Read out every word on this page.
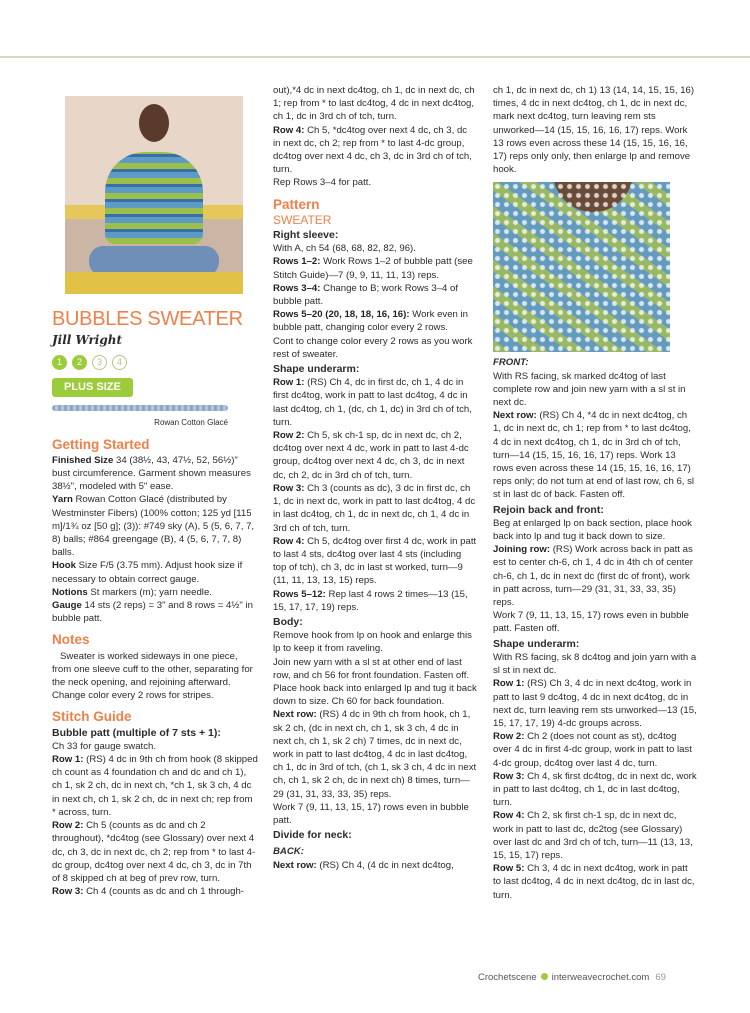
BUBBLES SWEATER
Jill Wright
1	2	3	4
PLUS SIZE
Rowan Cotton Glacé
Getting Started

Finished Size 34 (38½, 43, 47½, 52, 56½)" bust circumference. Garment shown measures 38½", modeled with 5" ease.

Yarn Rowan Cotton Glacé (distributed by Westminster Fibers) (100% cotton; 125 yd [115 m]/1¾ oz [50 g]; (3)): #749 sky (A), 5 (5, 6, 7, 7, 8) balls; #864 greengage (B), 4 (5, 6, 7, 7, 8) balls.

Hook Size F/5 (3.75 mm). Adjust hook size if necessary to obtain correct gauge.

Notions St markers (m); yarn needle.

Gauge 14 sts (2 reps) = 3" and 8 rows = 4½" in bubble patt.

Notes

Sweater is worked sideways in one piece, from one sleeve cuff to the other, separating for the neck opening, and rejoining afterward. Change color every 2 rows for stripes.

Stitch Guide

Bubble patt (multiple of 7 sts + 1):

Ch 33 for gauge swatch.

Row 1: (RS) 4 dc in 9th ch from hook (8 skipped ch count as 4 foundation ch and dc and ch 1), ch 1, sk 2 ch, dc in next ch, *ch 1, sk 3 ch, 4 dc in next ch, ch 1, sk 2 ch, dc in next ch; rep from * across, turn.

Row 2: Ch 5 (counts as dc and ch 2 throughout), *dc4tog (see Glossary) over next 4 dc, ch 3, dc in next dc, ch 2; rep from * to last 4-dc group, dc4tog over next 4 dc, ch 3, dc in 7th of 8 skipped ch at beg of prev row, turn.

Row 3: Ch 4 (counts as dc and ch 1 through-

out),*4 dc in next dc4tog, ch 1, dc in next dc, ch 1; rep from * to last dc4tog, 4 dc in next dc4tog, ch 1, dc in 3rd ch of tch, turn.

Row 4: Ch 5, *dc4tog over next 4 dc, ch 3, dc in next dc, ch 2; rep from * to last 4-dc group, dc4tog over next 4 dc, ch 3, dc in 3rd ch of tch, turn.

Rep Rows 3–4 for patt.

Pattern
SWEATER

Right sleeve:

With A, ch 54 (68, 68, 82, 82, 96).

Rows 1–2: Work Rows 1–2 of bubble patt (see Stitch Guide)—7 (9, 9, 11, 11, 13) reps.

Rows 3–4: Change to B; work Rows 3–4 of bubble patt.

Rows 5–20 (20, 18, 18, 16, 16): Work even in bubble patt, changing color every 2 rows.

Cont to change color every 2 rows as you work rest of sweater.

Shape underarm:

Row 1: (RS) Ch 4, dc in first dc, ch 1, 4 dc in first dc4tog, work in patt to last dc4tog, 4 dc in last dc4tog, ch 1, (dc, ch 1, dc) in 3rd ch of tch, turn.

Row 2: Ch 5, sk ch-1 sp, dc in next dc, ch 2, dc4tog over next 4 dc, work in patt to last 4-dc group, dc4tog over next 4 dc, ch 3, dc in next dc, ch 2, dc in 3rd ch of tch, turn.

Row 3: Ch 3 (counts as dc), 3 dc in first dc, ch 1, dc in next dc, work in patt to last dc4tog, 4 dc in last dc4tog, ch 1, dc in next dc, ch 1, 4 dc in 3rd ch of tch, turn.

Row 4: Ch 5, dc4tog over first 4 dc, work in patt to last 4 sts, dc4tog over last 4 sts (including top of tch), ch 3, dc in last st worked, turn—9 (11, 11, 13, 13, 15) reps.

Rows 5–12: Rep last 4 rows 2 times—13 (15, 15, 17, 17, 19) reps.

Body:

Remove hook from lp on hook and enlarge this lp to keep it from raveling.

Join new yarn with a sl st at other end of last row, and ch 56 for front foundation. Fasten off.

Place hook back into enlarged lp and tug it back down to size. Ch 60 for back foundation.

Next row: (RS) 4 dc in 9th ch from hook, ch 1, sk 2 ch, (dc in next ch, ch 1, sk 3 ch, 4 dc in next ch, ch 1, sk 2 ch) 7 times, dc in next dc, work in patt to last dc4tog, 4 dc in last dc4tog, ch 1, dc in 3rd of tch, (ch 1, sk 3 ch, 4 dc in next ch, ch 1, sk 2 ch, dc in next ch) 8 times, turn—29 (31, 31, 33, 33, 35) reps.

Work 7 (9, 11, 13, 15, 17) rows even in bubble patt.

Divide for neck:

BACK:

Next row: (RS) Ch 4, (4 dc in next dc4tog,

ch 1, dc in next dc, ch 1) 13 (14, 14, 15, 15, 16) times, 4 dc in next dc4tog, ch 1, dc in next dc, mark next dc4tog, turn leaving rem sts unworked—14 (15, 15, 16, 16, 17) reps. Work 13 rows even across these 14 (15, 15, 16, 16, 17) reps only only, then enlarge lp and remove hook.

FRONT:

With RS facing, sk marked dc4tog of last complete row and join new yarn with a sl st in next dc.

Next row: (RS) Ch 4, *4 dc in next dc4tog, ch 1, dc in next dc, ch 1; rep from * to last dc4tog, 4 dc in next dc4tog, ch 1, dc in 3rd ch of tch, turn—14 (15, 15, 16, 16, 17) reps. Work 13 rows even across these 14 (15, 15, 16, 16, 17) reps only; do not turn at end of last row, ch 6, sl st in last dc of back. Fasten off.

Rejoin back and front:

Beg at enlarged lp on back section, place hook back into lp and tug it back down to size.

Joining row: (RS) Work across back in patt as est to center ch-6, ch 1, 4 dc in 4th ch of center ch-6, ch 1, dc in next dc (first dc of front), work in patt across, turn—29 (31, 31, 33, 33, 35) reps.

Work 7 (9, 11, 13, 15, 17) rows even in bubble patt. Fasten off.

Shape underarm:

With RS facing, sk 8 dc4tog and join yarn with a sl st in next dc.

Row 1: (RS) Ch 3, 4 dc in next dc4tog, work in patt to last 9 dc4tog, 4 dc in next dc4tog, dc in next dc, turn leaving rem sts unworked—13 (15, 15, 17, 17, 19) 4-dc groups across.

Row 2: Ch 2 (does not count as st), dc4tog over 4 dc in first 4-dc group, work in patt to last 4-dc group, dc4tog over last 4 dc, turn.

Row 3: Ch 4, sk first dc4tog, dc in next dc, work in patt to last dc4tog, ch 1, dc in last dc4tog, turn.

Row 4: Ch 2, sk first ch-1 sp, dc in next dc, work in patt to last dc, dc2tog (see Glossary) over last dc and 3rd ch of tch, turn—11 (13, 13, 15, 15, 17) reps.

Row 5: Ch 3, 4 dc in next dc4tog, work in patt to last dc4tog, 4 dc in next dc4tog, dc in last dc, turn.

Crochetscene interweavecrochet.com 69
